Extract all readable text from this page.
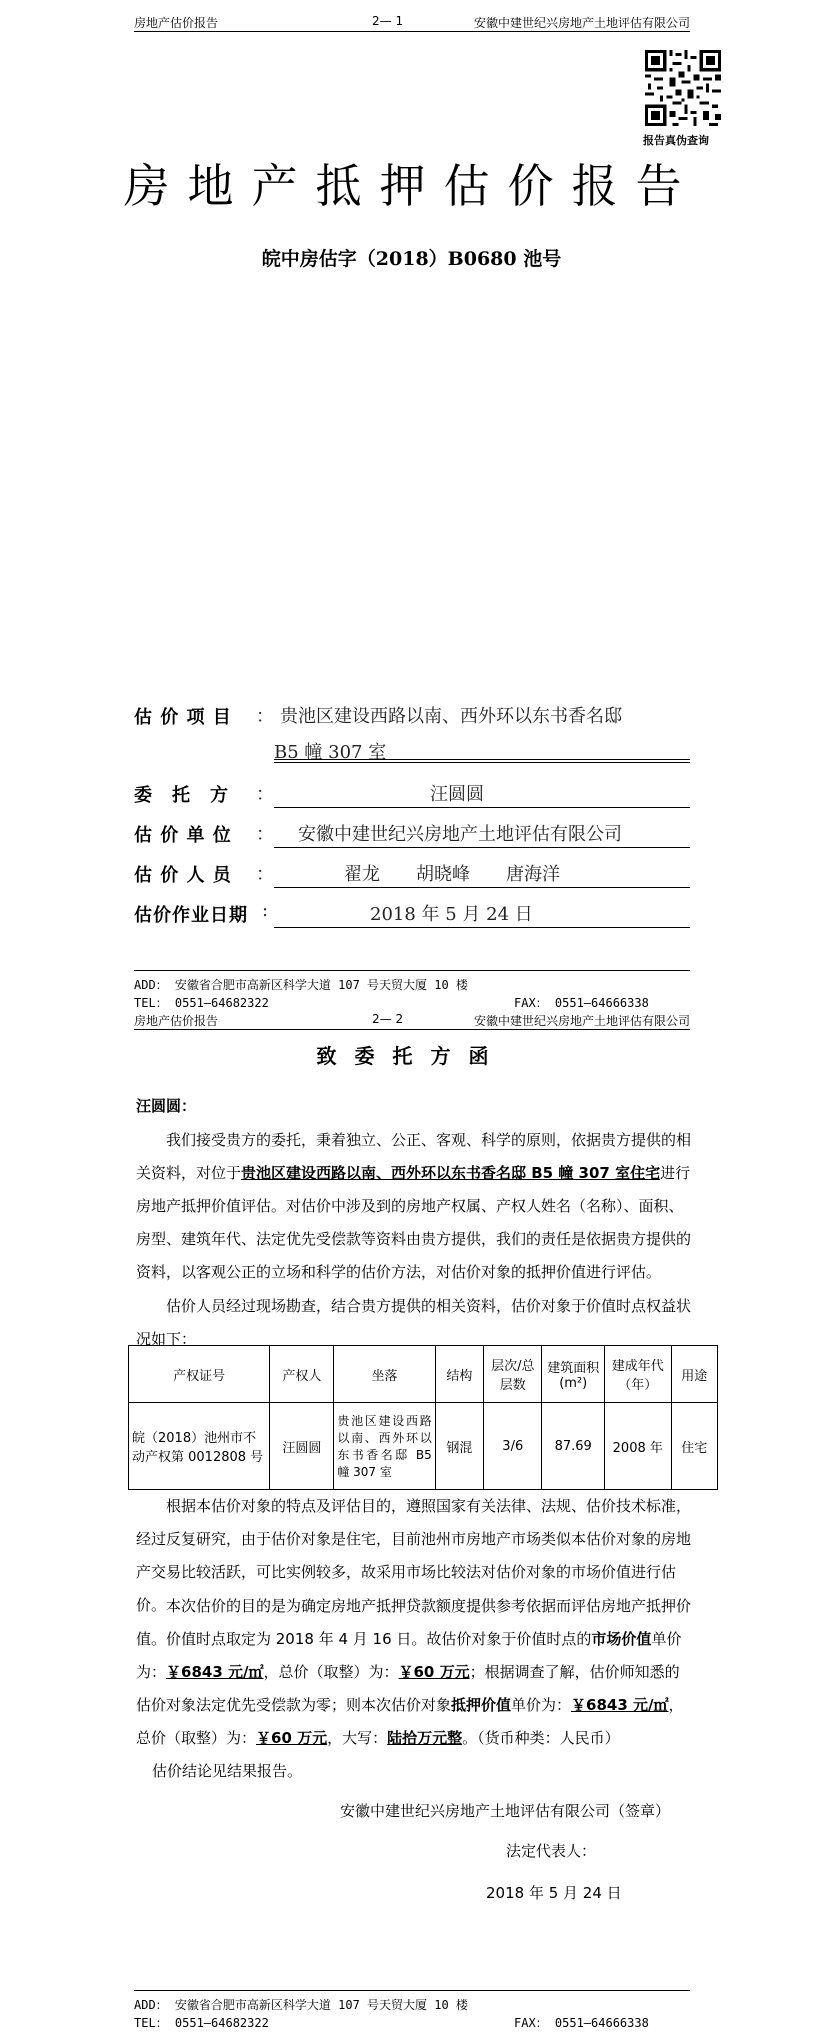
房地产估价报告	2— 1	安徽中建世纪兴房地产土地评估有限公司
报告真伪查询
房地产抵押估价报告
皖中房估字（2018）B0680 池号
估 价 项 目 ： 贵池区建设西路以南、西外环以东书香名邸
B5 幢 307 室
委　托　方 ：	汪圆圆
估 价 单 位 ： 安徽中建世纪兴房地产土地评估有限公司
估 价 人 员 ：	翟龙　　胡晓峰　　唐海洋
估价作业日期 :	2018 年 5 月 24 日
ADD： 安徽省合肥市高新区科学大道 107 号天贸大厦 10 楼
TEL： 0551—64682322	FAX： 0551—64666338
房地产估价报告	2— 2	安徽中建世纪兴房地产土地评估有限公司
致委托方函
汪圆圆：
我们接受贵方的委托，秉着独立、公正、客观、科学的原则，依据贵方提供的相关资料，对位于贵池区建设西路以南、西外环以东书香名邸 B5 幢 307 室住宅进行房地产抵押价值评估。对估价中涉及到的房地产权属、产权人姓名（名称）、面积、房型、建筑年代、法定优先受偿款等资料由贵方提供，我们的责任是依据贵方提供的资料，以客观公正的立场和科学的估价方法，对估价对象的抵押价值进行评估。
估价人员经过现场勘查，结合贵方提供的相关资料，估价对象于价值时点权益状况如下：
产权证号	产权人	坐落	结构	层次/总层数	建筑面积(m²)	建成年代（年）	用途
皖（2018）池州市不动产权第 0012808 号	汪圆圆	贵池区建设西路以南、西外环以东书香名邸 B5 幢 307 室	钢混	3/6	87.69	2008 年	住宅
根据本估价对象的特点及评估目的，遵照国家有关法律、法规、估价技术标准，经过反复研究，由于估价对象是住宅，目前池州市房地产市场类似本估价对象的房地产交易比较活跃，可比实例较多，故采用市场比较法对估价对象的市场价值进行估价。 本次估价的目的是为确定房地产抵押贷款额度提供参考依据而评估房地产抵押价值。价值时点取定为 2018 年 4 月 16 日。故估价对象于价值时点的市场价值单价为：￥6843 元/㎡，总价（取整）为：￥60 万元；根据调查了解，估价师知悉的估价对象法定优先受偿款为零；则本次估价对象抵押价值单价为：￥6843 元/㎡，总价（取整）为：￥60 万元，大写：陆拾万元整。（货币种类：人民币）
估价结论见结果报告。
安徽中建世纪兴房地产土地评估有限公司（签章）
法定代表人：
2018 年 5 月 24 日
ADD： 安徽省合肥市高新区科学大道 107 号天贸大厦 10 楼
TEL： 0551—64682322	FAX： 0551—64666338
